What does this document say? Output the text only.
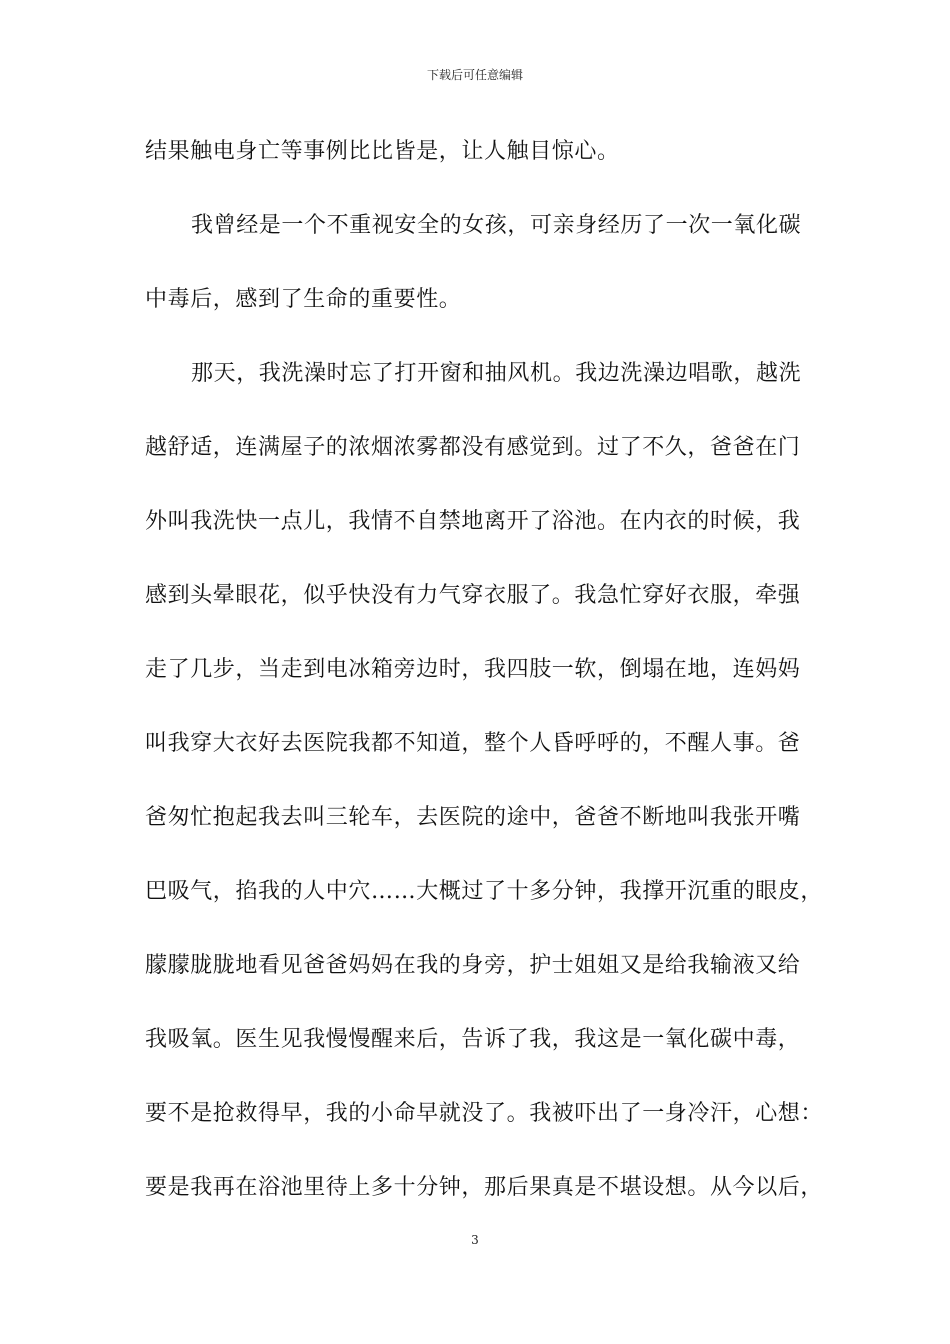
下载后可任意编辑
结果触电身亡等事例比比皆是，让人触目惊心。
我曾经是一个不重视安全的女孩，可亲身经历了一次一氧化碳
中毒后，感到了生命的重要性。
那天，我洗澡时忘了打开窗和抽风机。我边洗澡边唱歌，越洗
越舒适，连满屋子的浓烟浓雾都没有感觉到。过了不久，爸爸在门
外叫我洗快一点儿，我情不自禁地离开了浴池。在内衣的时候，我
感到头晕眼花，似乎快没有力气穿衣服了。我急忙穿好衣服，牵强
走了几步，当走到电冰箱旁边时，我四肢一软，倒塌在地，连妈妈
叫我穿大衣好去医院我都不知道，整个人昏呼呼的，不醒人事。爸
爸匆忙抱起我去叫三轮车，去医院的途中，爸爸不断地叫我张开嘴
巴吸气，掐我的人中穴……大概过了十多分钟，我撑开沉重的眼皮，
朦朦胧胧地看见爸爸妈妈在我的身旁，护士姐姐又是给我输液又给
我吸氧。医生见我慢慢醒来后，告诉了我，我这是一氧化碳中毒，
要不是抢救得早，我的小命早就没了。我被吓出了一身冷汗，心想：
要是我再在浴池里待上多十分钟，那后果真是不堪设想。从今以后，
3
